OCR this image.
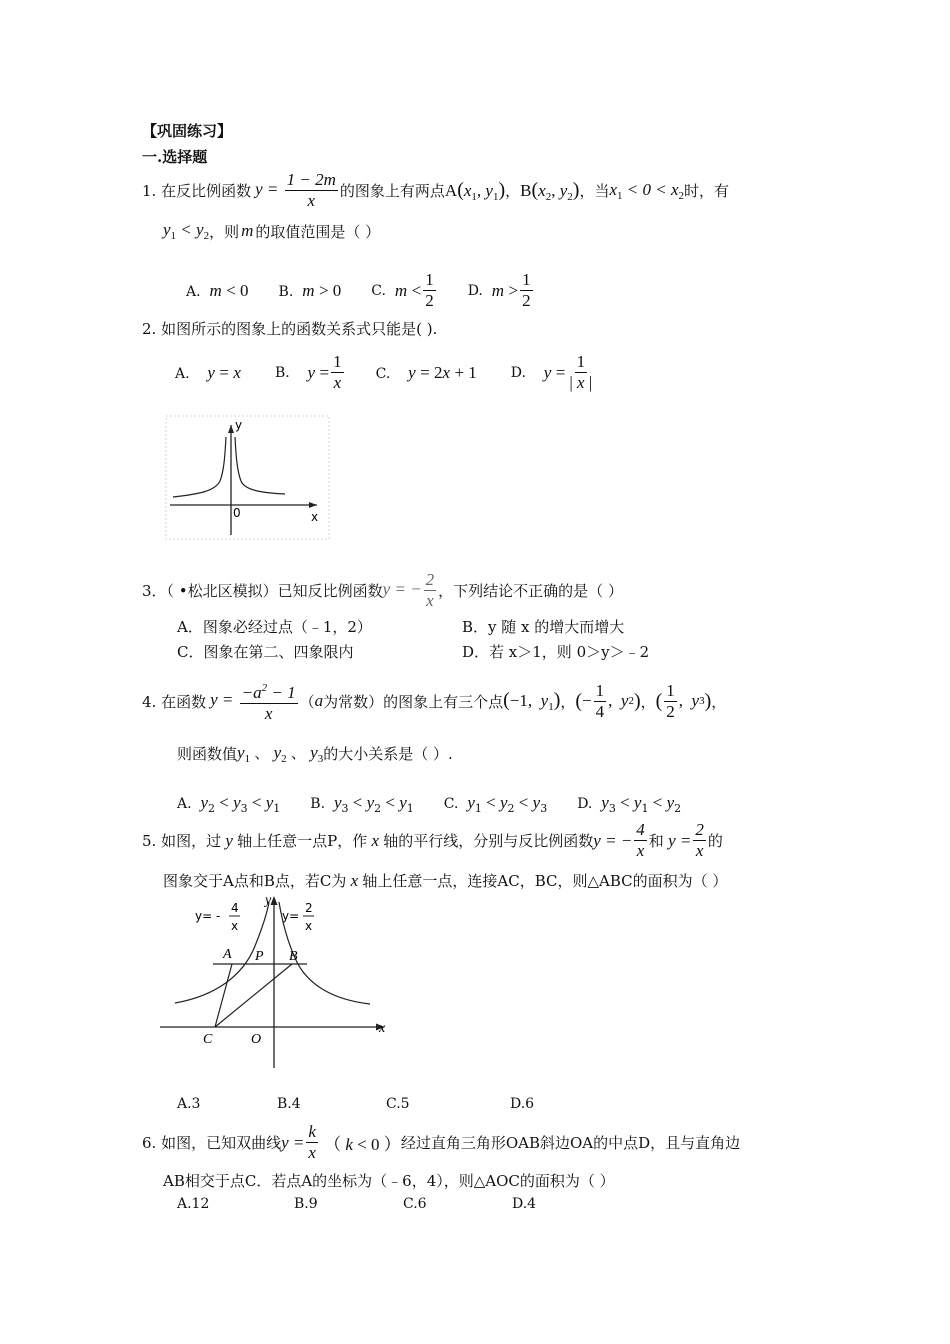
【巩固练习】
一.选择题
1.
在反比例函数 $y = \frac{1 - 2m}{x}$ 的图象上有两点 $A(x_1$, $y_1$) ， $B(x_2$, $y_2$) ，当 $x_1 < 0 < x_2$ 时，有
$y_1 < y_2$ ，则 m 的取值范围是（ ）
A. m < 0 B. m > 0 C.
m
< $\frac{1}{2} D$.
m
> $\frac{1}{2}$
2. 如图所示的图象上的函数关系式只能是( ).
A. y = x B.
y
= $\frac{1}{x} C$. y = 2x + 1 D.
y
= $\frac{1}{| x |}$
y
0	x
3．（ •松北区模拟）已知反比例函数 y = − $\frac{2}{x}$ ，下列结论不正确的是（ ）
A．图象必经过点（﹣1，2）	B．y 随 x 的增大而增大
C．图象在第二、四象限内	D．若 x＞1，则 0＞y＞﹣2
4. 在函数 $y = \frac{-a^2 - 1}{x}$ （ a 为常数）的图象上有三个点 (−1,  $y_1$) ， ( − $\frac{1}{4}$ , y 2 ) ， ( $\frac{1}{2}$ , y 3 ) ，
则函数值 $y_1$ 、 $y_2$ 、 $y_3$ 的大小关系是（ ）.
A. $y_2 < y_3 < y_1$ B. $y_3 < y_2 < y_1$ C. $y_1 < y_2 < y_3$ D. $y_3 < y_1 < y_2$
5. 如图，过 y 轴上任意一点P，作 x 轴的平行线，分别与反比例函数 y = − $\frac{4}{x}$ 和 $y = \frac{2}{x}$ 的
图象交于A点和B点，若C为 x 轴上任意一点，连接AC，BC，则△ABC的面积为（ ）
y= -
4
x
y=
2
x
y
x
A P B
C	O
A.3	B.4	C.5	D.6
6. 如图，已知双曲线 $y = \frac{k}{x}$ （ k < 0 ） 经过直角三角形OAB斜边OA的中点D，且与直角边
AB相交于点C．若点A的坐标为（﹣6，4），则△AOC的面积为（ ）
A.12	B.9	C.6	D.4
